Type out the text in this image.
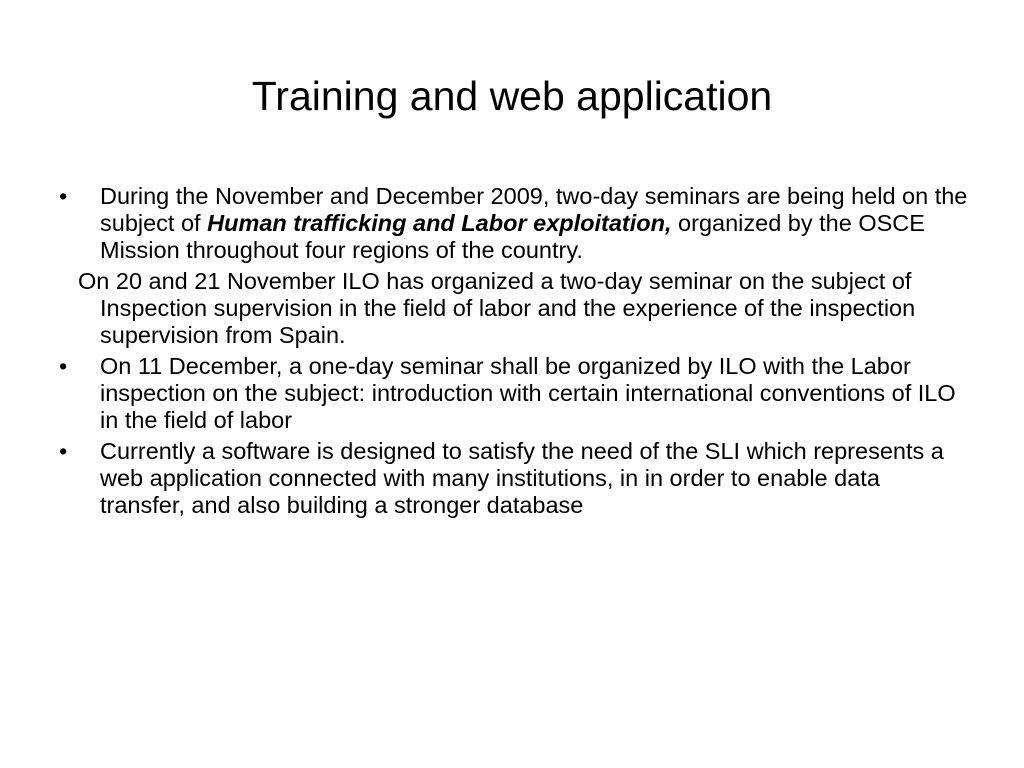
Training and web application
• During the November and December 2009, two-day seminars are being held on the subject of Human trafficking and Labor exploitation, organized by the OSCE Mission throughout four regions of the country.
On 20 and 21 November ILO has organized a two-day seminar on the subject of Inspection supervision in the field of labor and the experience of the inspection supervision from Spain.
• On 11 December, a one-day seminar shall be organized by ILO with the Labor inspection on the subject: introduction with certain international conventions of ILO in the field of labor
• Currently a software is designed to satisfy the need of the SLI which represents a web application connected with many institutions, in in order to enable data transfer, and also building a stronger database
